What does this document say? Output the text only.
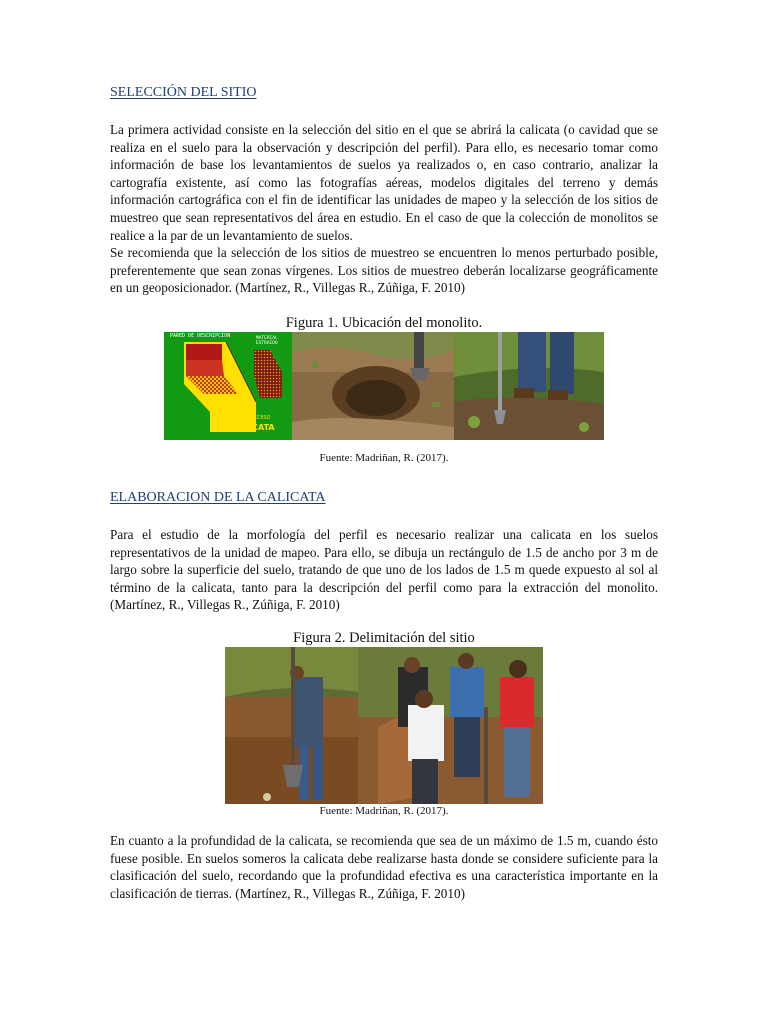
SELECCIÓN DEL SITIO

La primera actividad consiste en la selección del sitio en el que se abrirá la calicata (o cavidad que se realiza en el suelo para la observación y descripción del perfil). Para ello, es necesario tomar como información de base los levantamientos de suelos ya realizados o, en caso contrario, analizar la cartografía existente, así como las fotografías aéreas, modelos digitales del terreno y demás información cartográfica con el fin de identificar las unidades de mapeo y la selección de los sitios de muestreo que sean representativos del área en estudio. En el caso de que la colección de monolitos se realice a la par de un levantamiento de suelos.

Se recomienda que la selección de los sitios de muestreo se encuentren lo menos perturbado posible, preferentemente que sean zonas vírgenes. Los sitios de muestreo deberán localizarse geográficamente en un geoposicionador. (Martínez, R., Villegas R., Zúñiga, F. 2010)

Figura 1. Ubicación del monolito.
PARED DE DESCRIPCION	MATERIAL EXTRAIDO
ACCESO
CALICATA
Fuente: Madriñan, R. (2017).
ELABORACION DE LA CALICATA

Para el estudio de la morfología del perfil es necesario realizar una calicata en los suelos representativos de la unidad de mapeo. Para ello, se dibuja un rectángulo de 1.5 de ancho por 3 m de largo sobre la superficie del suelo, tratando de que uno de los lados de 1.5 m quede expuesto al sol al término de la calicata, tanto para la descripción del perfil como para la extracción del monolito. (Martínez, R., Villegas R., Zúñiga, F. 2010)

Figura 2. Delimitación del sitio
Fuente: Madriñan, R. (2017).

En cuanto a la profundidad de la calicata, se recomienda que sea de un máximo de 1.5 m, cuando ésto fuese posible. En suelos someros la calicata debe realizarse hasta donde se considere suficiente para la clasificación del suelo, recordando que la profundidad efectiva es una característica importante en la clasificación de tierras. (Martínez, R., Villegas R., Zúñiga, F. 2010)
